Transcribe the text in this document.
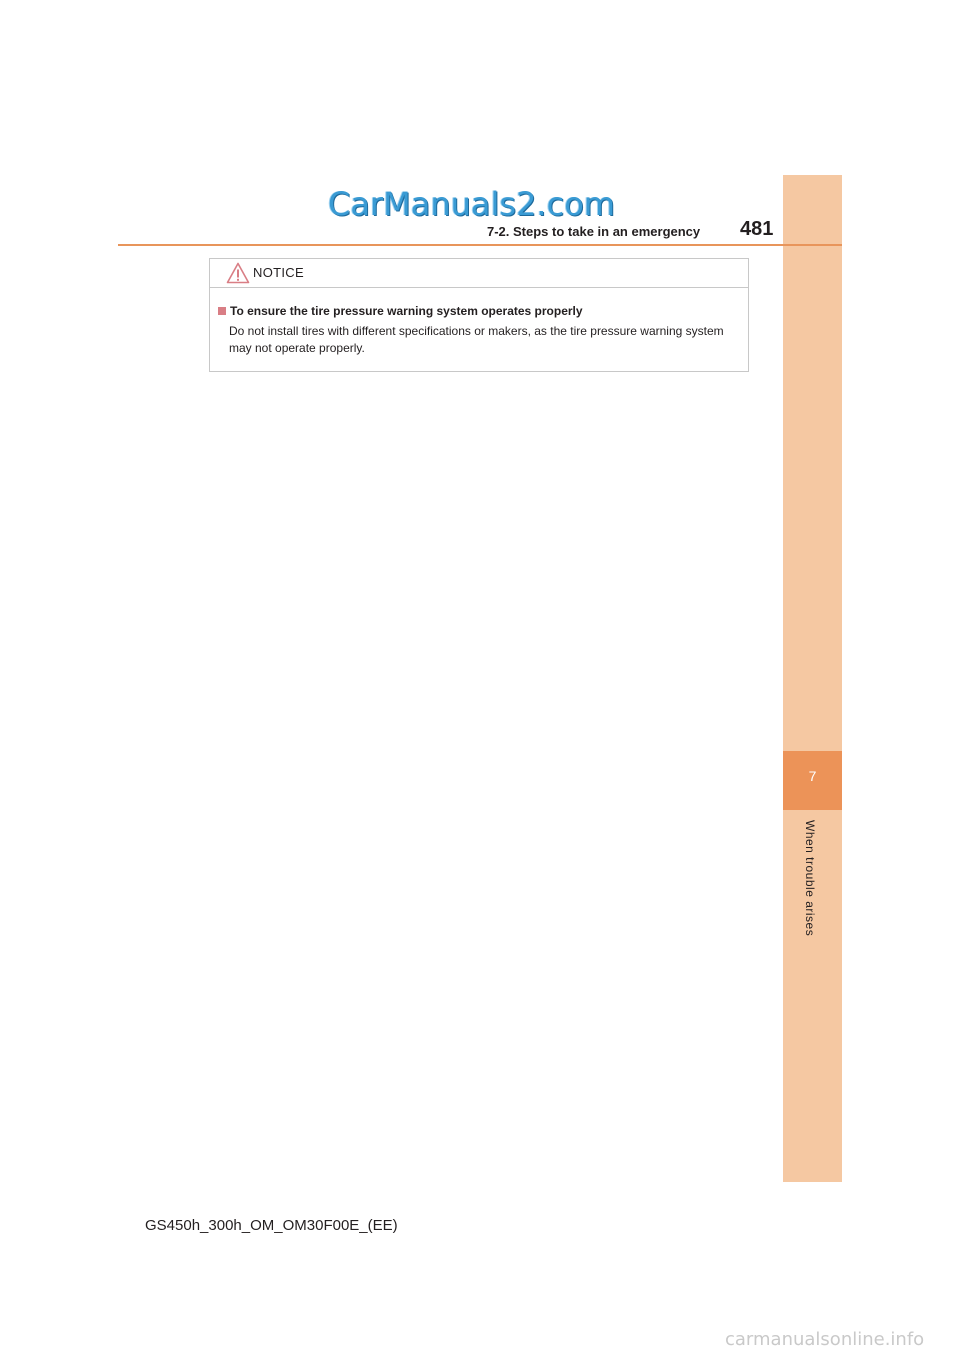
7
When trouble arises
CarManuals2.com
7-2. Steps to take in an emergency 481
NOTICE
To ensure the tire pressure warning system operates properly
Do not install tires with different specifications or makers, as the tire pressure warning system may not operate properly.
GS450h_300h_OM_OM30F00E_(EE)
carmanualsonline.info
